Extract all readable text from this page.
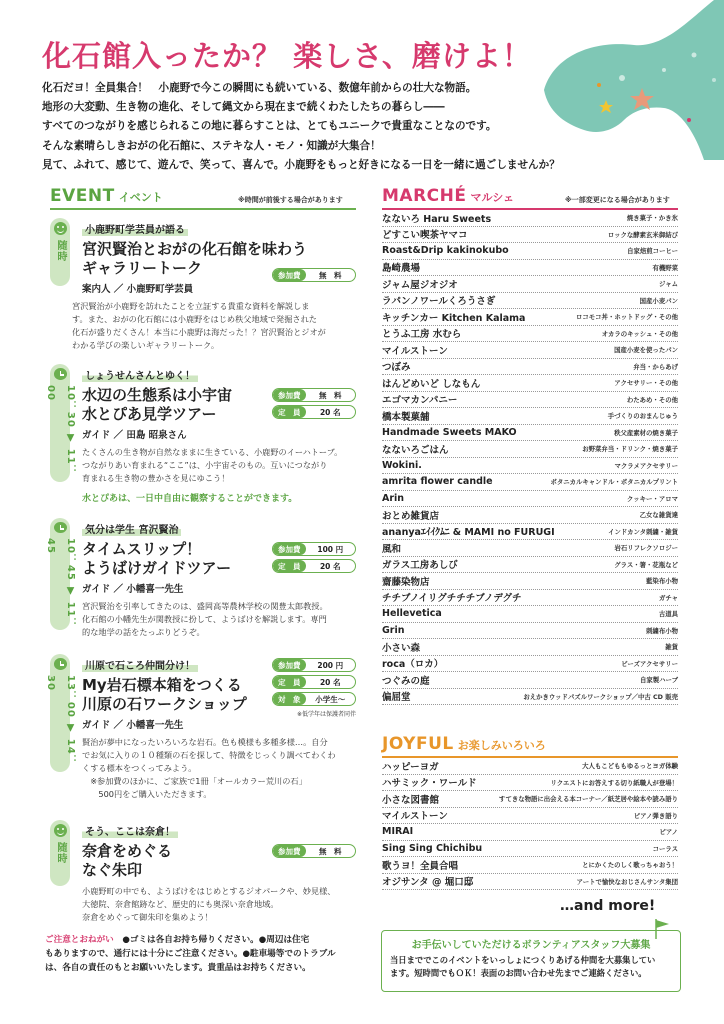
化石館入ったか？ 楽しさ、磨けよ！

化石だヨ！全員集合！　小鹿野で今この瞬間にも続いている、数億年前からの壮大な物語。

地形の大変動、生き物の進化、そして縄文から現在まで続くわたしたちの暮らし――

すべてのつながりを感じられるこの地に暮らすことは、とてもユニークで貴重なことなのです。

そんな素晴らしきおがの化石館に、ステキな人・モノ・知識が大集合！

見て、ふれて、感じて、遊んで、笑って、喜んで。小鹿野をもっと好きになる一日を一緒に過ごしませんか？

EVENT イベント	※時間が前後する場合があります
随時
参加費	無　料
小鹿野町学芸員が語る
宮沢賢治とおがの化石館を味わう
ギャラリートーク
案内人 ／ 小鹿野町学芸員

宮沢賢治が小鹿野を訪れたことを立証する貴重な資料を解説しま

す。また、おがの化石館には小鹿野をはじめ秩父地域で発掘された

化石が盛りだくさん！本当に小鹿野は海だった！？宮沢賢治とジオが

わかる学びの楽しいギャラリートーク。

10：30 ▼ 11：00	参加費	無　料
定　員	20 名
しょうせんさんとゆく！
水辺の生態系は小宇宙
水とぴあ見学ツアー
ガイド ／ 田島 昭泉さん

たくさんの生き物が自然なままに生きている、小鹿野のイーハトーブ。

つながりあい育まれる“ここ”は、小宇宙そのもの。互いにつながり

育まれる生き物の豊かさを見にゆこう！

水とぴあは、一日中自由に観察することができます。
10：45 ▼ 11：45	参加費	100 円
定　員	20 名
気分は学生 宮沢賢治
タイムスリップ！
ようばけガイドツアー
ガイド ／ 小幡喜一先生

宮沢賢治を引率してきたのは、盛岡高等農林学校の関豊太郎教授。

化石館の小幡先生が関教授に扮して、ようばけを解説します。専門

的な地学の話をたっぷりどうぞ。

13：00 ▼ 14：30
参加費	200 円
定　員	20 名
対　象	小学生〜
※低学年は保護者同伴
川原で石ころ仲間分け！
My岩石標本箱をつくる
川原の石ワークショップ
ガイド ／ 小幡喜一先生

賢治が夢中になったいろいろな岩石。色も模様も多種多様…。自分

でお気に入りの１０種類の石を探して、特徴をじっくり調べてわくわ

くする標本をつくってみよう。

　※参加費のほかに、ご家族で1冊「オールカラー荒川の石」

　　500円をご購入いただきます。

随時	参加費	無　料
そう、ここは奈倉！
奈倉をめぐる
なぐ朱印

小鹿野町の中でも、ようばけをはじめとするジオパークや、妙見様、

大徳院、奈倉館跡など、歴史的にも奥深い奈倉地域。

奈倉をめぐって御朱印を集めよう！

ご注意とおねがい　 ●ゴミは各自お持ち帰りください。●周辺は住宅

もありますので、通行には十分にご注意ください。●駐車場等でのトラブル

は、各自の責任のもとお願いいたします。貴重品はお持ちください。

MARCHÉ マルシェ	※一部変更になる場合があります
なないろ Haru Sweets	焼き菓子・かき氷
どすこい喫茶ヤマコ	ロックな酵素玄米御結び
Roast&Drip kakinokubo	自家焙煎コーヒー
島崎農場	有機野菜
ジャム屋ジオジオ	ジャム
ラパンノワールくろうさぎ	国産小麦パン
キッチンカー Kitchen Kalama	ロコモコ丼・ホットドッグ・その他
とうふ工房 水むら	オカラのキッシュ・その他
マイルストーン	国産小麦を使ったパン
つぼみ	弁当・からあげ
はんどめいど しなもん	アクセサリー・その他
エゴマカンパニー	わたあめ・その他
橋本製菓舗	手づくりのおまんじゅう
Handmade Sweets MAKO	秩父産素材の焼き菓子
なないろごはん	お野菜弁当・ドリンク・焼き菓子
Wokini.	マクラメアクセサリー
amrita flower candle	ボタニカルキャンドル・ボタニカルプリント
Arin	クッキー・アロマ
おとめ雑貨店	乙女な雑貨達
ananyaｴｲｲｸﾑﾆ & MAMI no FURUGI	インドカンタ刺繍・雑貨
風和	岩石リフレクソロジー
ガラス工房あしび	グラス・箸・花瓶など
齋藤染物店	藍染布小物
チチブノイリグチチチブノデグチ	ガチャ
Hellevetica	古道具
Grin	刺繍布小物
小さい森	雑貨
roca（ロカ）	ビーズアクセサリー
つぐみの庭	自家製ハーブ
偏屈堂	おえかきウッドパズルワークショップ／中古 CD 販売
JOYFUL お楽しみいろいろ
ハッピーヨガ	大人もこどももゆるっとヨガ体験
ハサミック・ワールド	リクエストにお答えする切り紙職人が登場！
小さな図書館	すてきな物語に出会える本コーナー／紙芝居や絵本や読み語り
マイルストーン	ピアノ弾き語り
MIRAI	ピアノ
Sing Sing Chichibu	コーラス
歌うヨ！全員合唱	とにかくたのしく歌っちゃおう！
オジサンタ @ 堀口邸	アートで愉快なおじさんサンタ集団
…and more!
お手伝いしていただけるボランティアスタッフ大募集

当日まででこのイベントをいっしょにつくりあげる仲間を大募集してい

ます。短時間でもＯＫ！表面のお問い合わせ先までご連絡ください。
